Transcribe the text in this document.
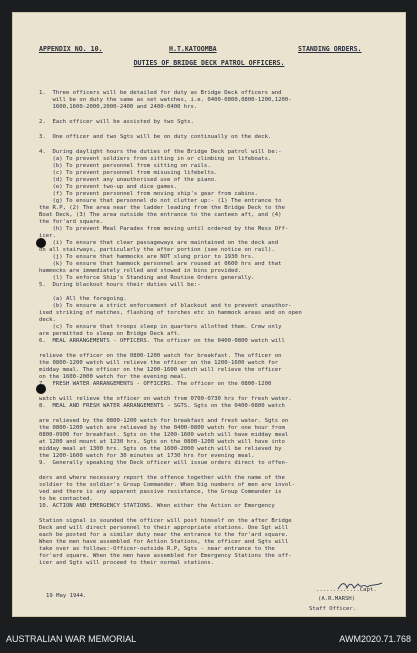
APPENDIX NO. 10.	H.T.KATOOMBA	STANDING ORDERS.
DUTIES OF BRIDGE DECK PATROL OFFICERS.
1.  Three officers will be detailed for duty as Bridge Deck officers and
will be on duty the same as set watches, i.e. 0400-0800,0800-1200,1200-
1600,1600-2000,2000-2400 and 2400-0400 hrs.
2.  Each officer will be assisted by two Sgts.
3.  One officer and two Sgts will be on duty continually on the deck.
4.  During daylight hours the duties of the Bridge Deck patrol will be:-
(a) To prevent soldiers from sitting in or climbing on lifeboats.
(b) To prevent personnel from sitting on rails.
(c) To prevent personnel from misusing lifebelts.
(d) To prevent any unauthorised use of the piano.
(e) To prevent two-up and dice games.
(f) To prevent personnel from moving ship's gear from cabins.
(g) To ensure that personnel do not clutter up:- (1) The entrance to
the R.P, (2) The area near the ladder leading from the Bridge Deck to the
Boat Deck, (3) The area outside the entrance to the canteen aft, and (4)
the for'ard square.
(h) To prevent Meal Parades from moving until ordered by the Mess Off-
icer.
(i) To ensure that clear passageways are maintained on the deck and
on all stairways, particularly the after portion (see notice on rail).
(j) To ensure that hammocks are NOT slung prior to 1930 hrs.
(k) To ensure that hammock personnel are roused at 0600 hrs and that
hammocks are immediately rolled and stowed in bins provided.
(l) To enforce Ship's Standing and Routine Orders generally.
5.  During blackout hours their duties will be:-
(a) All the foregoing.
(b) To ensure a strict enforcement of blackout and to prevent unauthor-
ised striking of matches, flashing of torches etc in hammock areas and on open
deck.
(c) To ensure that troops sleep in quarters allotted them. Crew only
are permitted to sleep on Bridge Deck aft.
6.  MEAL ARRANGEMENTS - OFFICERS. The officer on the 0400-0800 watch will
relieve the officer on the 0800-1200 watch for breakfast. The officer on
the 0800-1200 watch will relieve the officer on the 1200-1600 watch for
midday meal. The officer on the 1200-1600 watch will relieve the officer
on the 1600-2000 watch for the evening meal.
7.  FRESH WATER ARRANGEMENTS - OFFICERS. The officer on the 0800-1200
watch will relieve the officer on watch from 0700-0730 hrs for fresh water.
8.  MEAL AND FRESH WATER ARRANGEMENTS - SGTS. Sgts on the 0400-0800 watch
are relieved by the 0800-1200 watch for breakfast and fresh water. Sgts on
the 0800-1200 watch are relieved by the 0400-0800 watch for one hour from
0800-0900 for breakfast. Sgts on the 1200-1600 watch will have midday meal
at 1200 and mount at 1230 hrs. Sgts on the 0800-1200 watch will have into
midday meal at 1300 hrs. Sgts on the 1600-2000 watch will be relieved by
the 1200-1600 watch for 30 minutes at 1730 hrs for evening meal.
9.  Generally speaking the Deck officer will issue orders direct to offen-
ders and where necessary report the offence together with the name of the
soldier to the soldier's Group Commander. When big numbers of men are invol-
ved and there is any apparent passive resistance, the Group Commander is
to be contacted.
10. ACTION AND EMERGENCY STATIONS. When either the Action or Emergency
Station signal is sounded the officer will post himself on the after Bridge
Deck and will direct personnel to their appropriate stations. One Sgt will
each be posted for a similar duty near the entrance to the for'ard square.
When the men have assembled for Action Stations, the officer and Sgts will
take over as follows:-Officer-outside R.P, Sgts - near entrance to the
for'ard square. When the men have assembled for Emergency Stations the off-
icer and Sgts will proceed to their normal stations.
.............Capt.
(A.R.MARSH)
Staff Officer.
19 May 1944.
AUSTRALIAN WAR MEMORIAL	AWM2020.71.768
